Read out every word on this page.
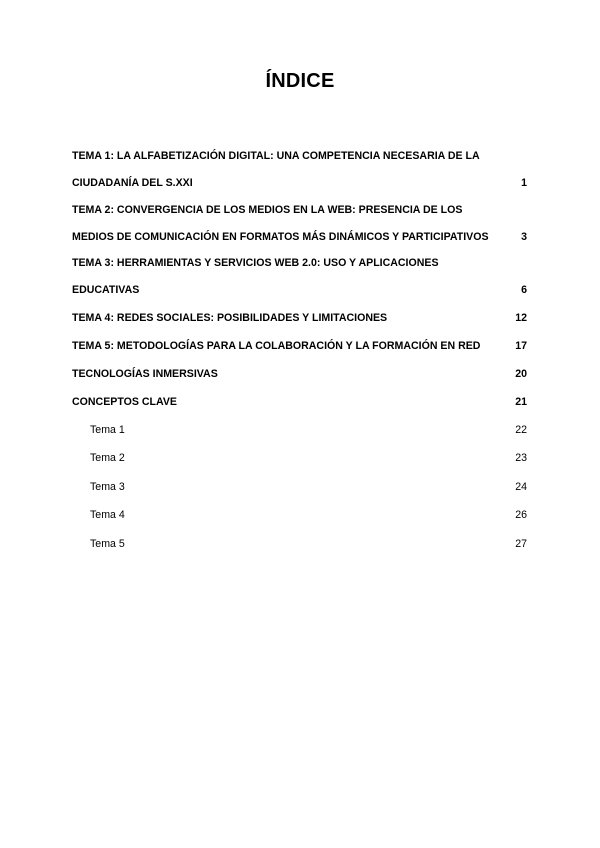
ÍNDICE
TEMA 1: LA ALFABETIZACIÓN DIGITAL: UNA COMPETENCIA NECESARIA DE LA
CIUDADANÍA DEL S.XXI	1
TEMA 2: CONVERGENCIA DE LOS MEDIOS EN LA WEB: PRESENCIA DE LOS
MEDIOS DE COMUNICACIÓN EN FORMATOS MÁS DINÁMICOS Y PARTICIPATIVOS	3
TEMA 3: HERRAMIENTAS Y SERVICIOS WEB 2.0: USO Y APLICACIONES
EDUCATIVAS	6
TEMA 4: REDES SOCIALES: POSIBILIDADES Y LIMITACIONES	12
TEMA 5: METODOLOGÍAS PARA LA COLABORACIÓN Y LA FORMACIÓN EN RED	17
TECNOLOGÍAS INMERSIVAS	20
CONCEPTOS CLAVE	21
Tema 1	22
Tema 2	23
Tema 3	24
Tema 4	26
Tema 5	27
